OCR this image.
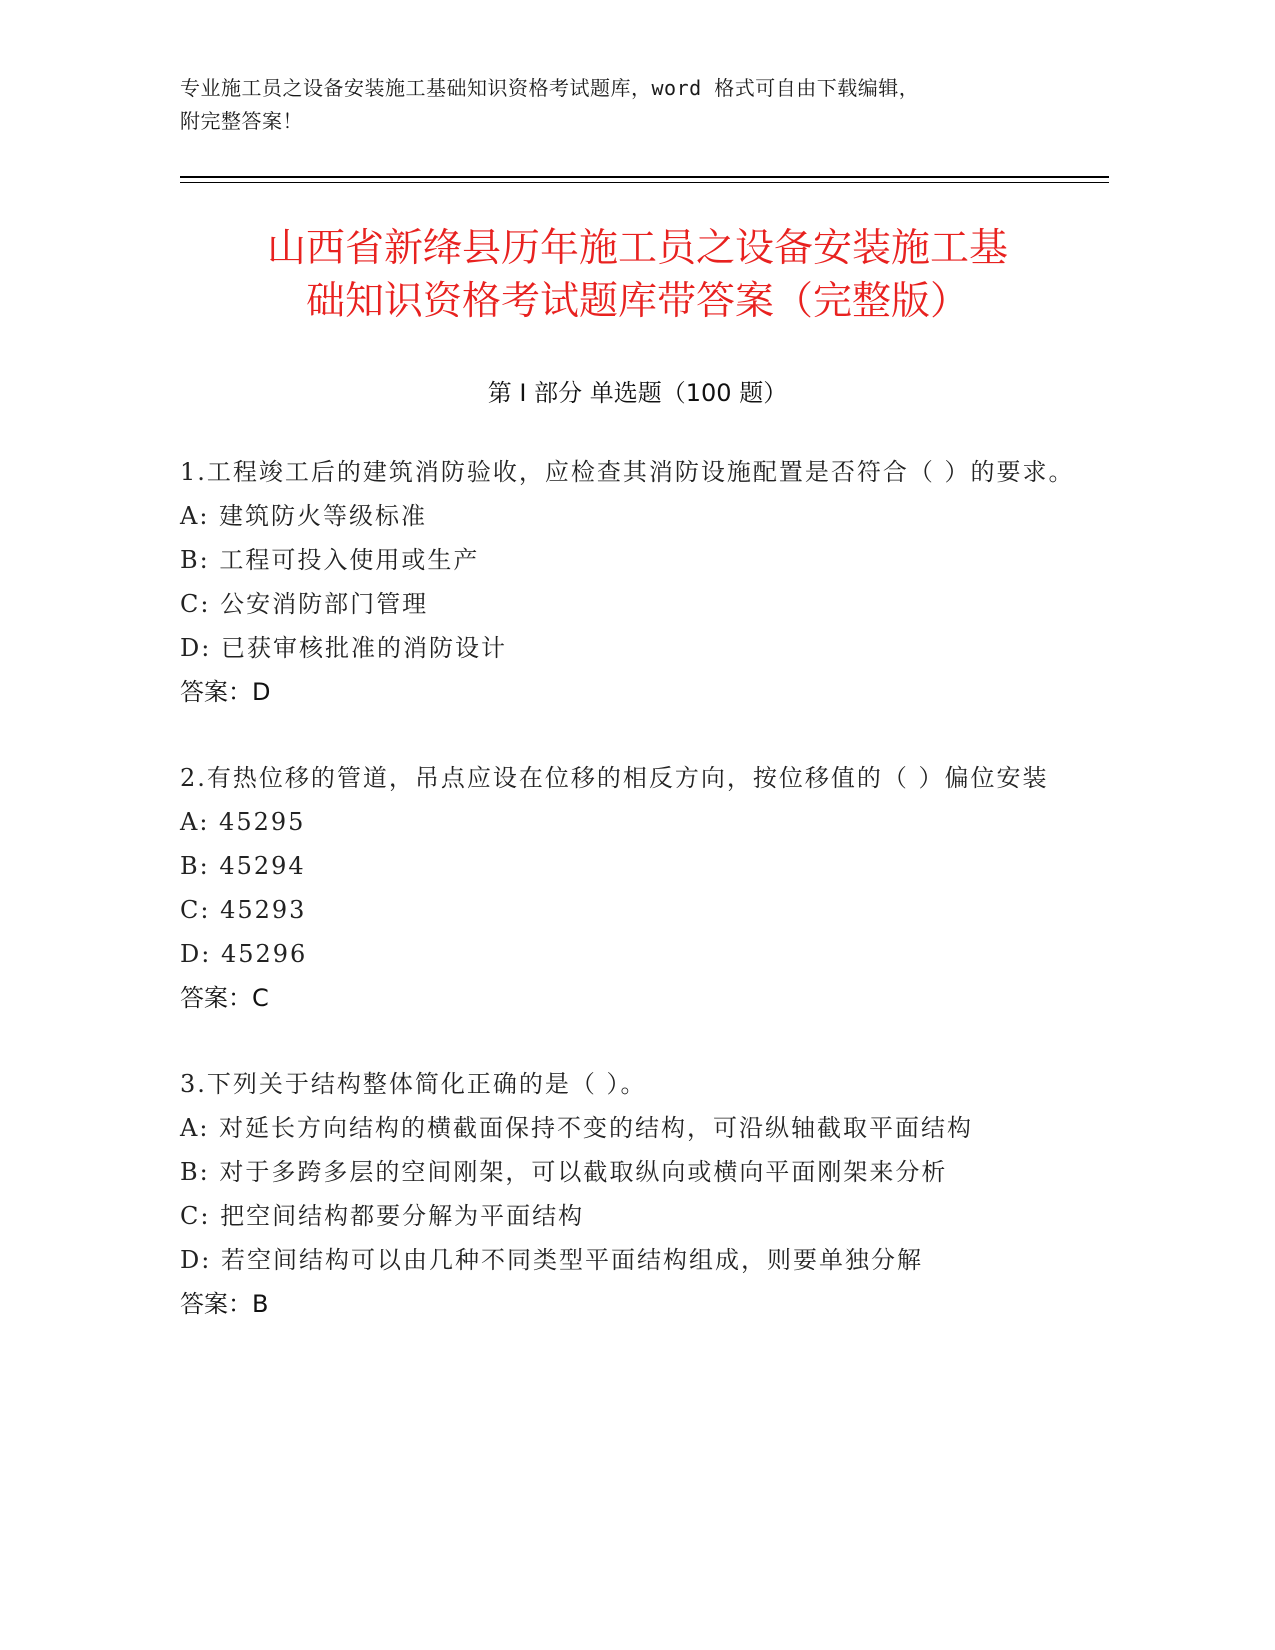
专业施工员之设备安装施工基础知识资格考试题库，word 格式可自由下载编辑，
附完整答案！
山西省新绛县历年施工员之设备安装施工基
础知识资格考试题库带答案（完整版）
第 I 部分 单选题（100 题）

1.工程竣工后的建筑消防验收，应检查其消防设施配置是否符合（ ）的要求。

A: 建筑防火等级标准

B: 工程可投入使用或生产

C: 公安消防部门管理

D: 已获审核批准的消防设计

答案：D

2.有热位移的管道，吊点应设在位移的相反方向，按位移值的（ ）偏位安装

A: 45295

B: 45294

C: 45293

D: 45296

答案：C

3.下列关于结构整体简化正确的是（ ）。

A: 对延长方向结构的横截面保持不变的结构，可沿纵轴截取平面结构

B: 对于多跨多层的空间刚架，可以截取纵向或横向平面刚架来分析

C: 把空间结构都要分解为平面结构

D: 若空间结构可以由几种不同类型平面结构组成，则要单独分解

答案：B
